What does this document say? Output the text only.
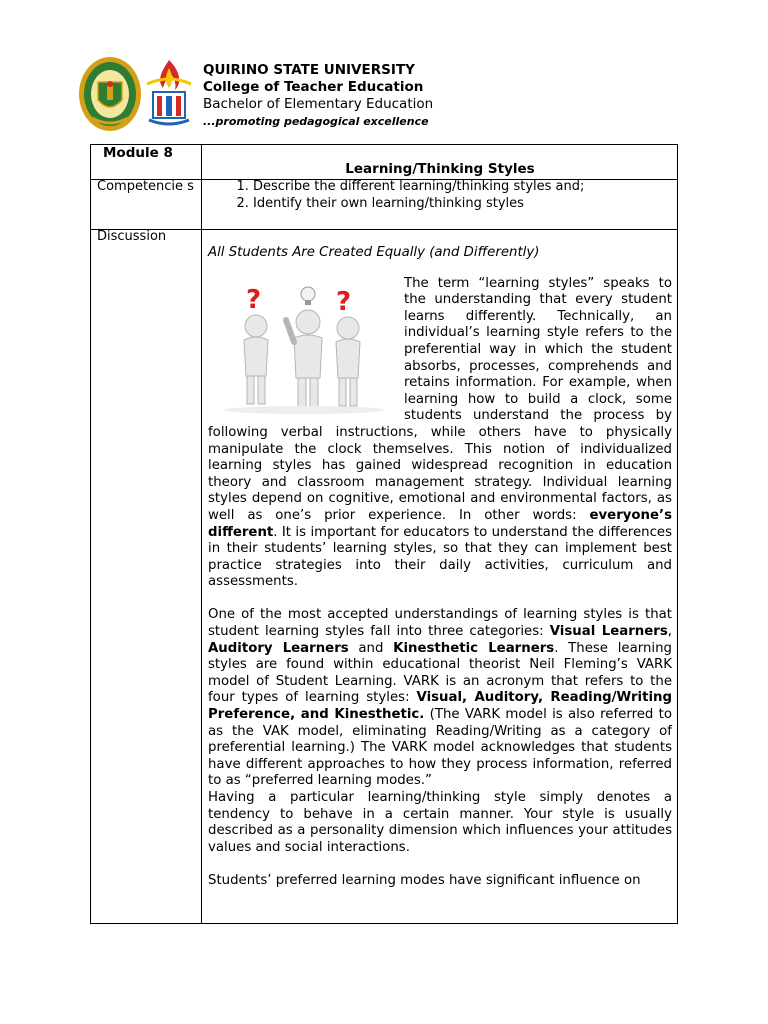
QUIRINO STATE UNIVERSITY
College of Teacher Education
Bachelor of Elementary Education
...promoting pedagogical excellence
Module 8
Learning/Thinking Styles
Competencie s
1.	Describe the different learning/thinking styles and;
2. Identify their own learning/thinking styles
Discussion
All Students Are Created Equally (and Differently)
?	?

The term “learning styles” speaks to the understanding that every student learns differently. Technically, an individual’s learning style refers to the preferential way in which the student absorbs, processes, comprehends and retains information. For example, when learning how to build a clock, some students understand the process by following verbal instructions, while others have to physically manipulate the clock themselves. This notion of individualized learning styles has gained widespread recognition in education theory and classroom management strategy. Individual learning styles depend on cognitive, emotional and environmental factors, as well as one’s prior experience. In other words: everyone’s different. It is important for educators to understand the differences in their students’ learning styles, so that they can implement best practice strategies into their daily activities, curriculum and assessments.

One of the most accepted understandings of learning styles is that student learning styles fall into three categories: Visual Learners, Auditory Learners and Kinesthetic Learners. These learning styles are found within educational theorist Neil Fleming’s VARK model of Student Learning. VARK is an acronym that refers to the four types of learning styles: Visual, Auditory, Reading/Writing Preference, and Kinesthetic. (The VARK model is also referred to as the VAK model, eliminating Reading/Writing as a category of preferential learning.) The VARK model acknowledges that students have different approaches to how they process information, referred to as “preferred learning modes.”

Having a particular learning/thinking style simply denotes a tendency to behave in a certain manner. Your style is usually described as a personality dimension which influences your attitudes values and social interactions.

Students’ preferred learning modes have significant influence on
